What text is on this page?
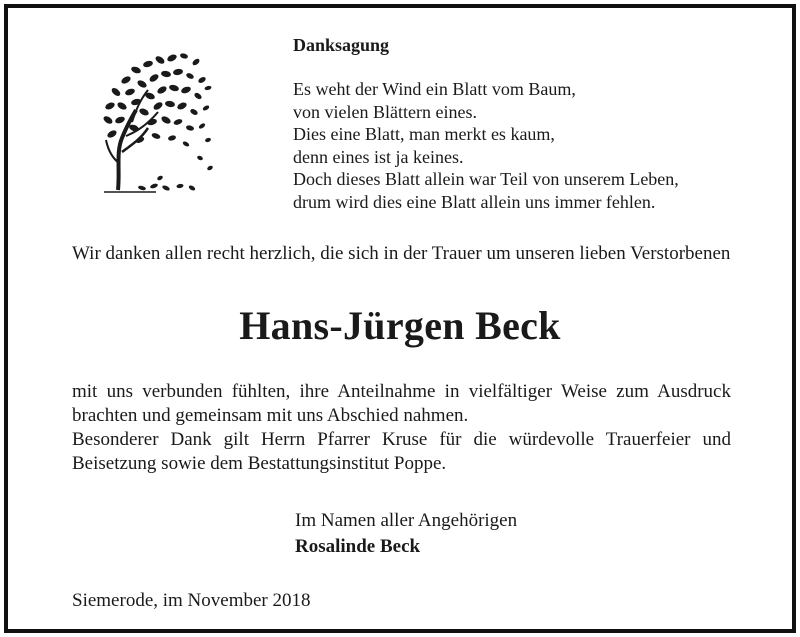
Danksagung
Es weht der Wind ein Blatt vom Baum,
von vielen Blättern eines.
Dies eine Blatt, man merkt es kaum,
denn eines ist ja keines.
Doch dieses Blatt allein war Teil von unserem Leben,
drum wird dies eine Blatt allein uns immer fehlen.
Wir danken allen recht herzlich, die sich in der Trauer um unseren lieben Verstorbenen
Hans-Jürgen Beck

mit uns verbunden fühlten, ihre Anteilnahme in vielfältiger Weise zum Ausdruck brachten und gemeinsam mit uns Abschied nahmen.

Besonderer Dank gilt Herrn Pfarrer Kruse für die würdevolle Trauerfeier und Beisetzung sowie dem Bestattungsinstitut Poppe.

Im Namen aller Angehörigen
Rosalinde Beck
Siemerode, im November 2018
